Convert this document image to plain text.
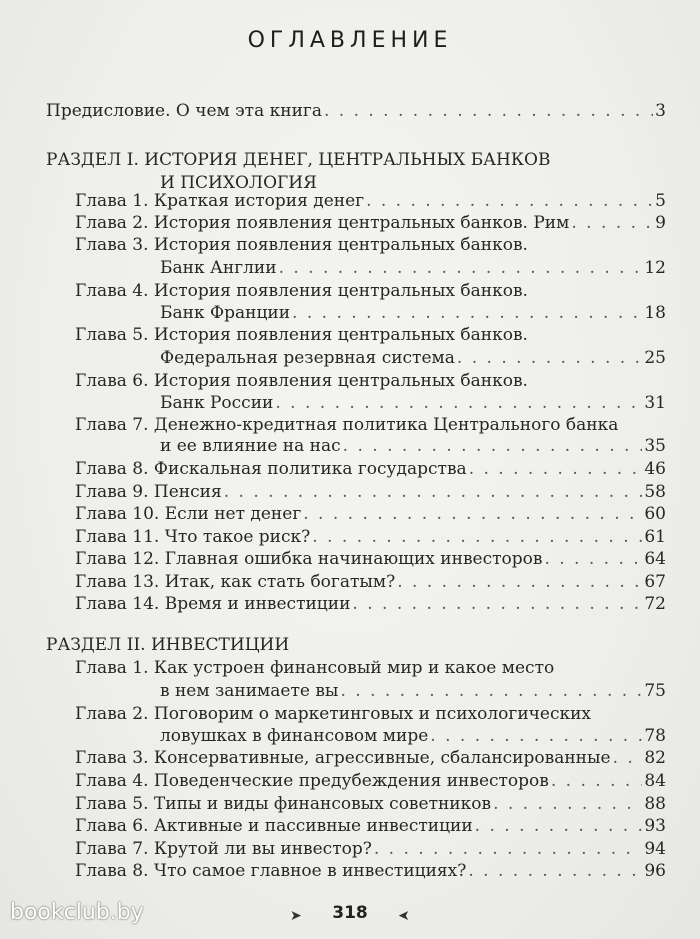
ОГЛАВЛЕНИЕ
Предисловие. О чем эта книга . . .	3
РАЗДЕЛ I. ИСТОРИЯ ДЕНЕГ, ЦЕНТРАЛЬНЫХ БАНКОВ
И ПСИХОЛОГИЯ
Глава 1. Краткая история денег . . .	5
Глава 2. История появления центральных банков. Рим . . .	9
Глава 3. История появления центральных банков.
Банк Англии . . .	12
Глава 4. История появления центральных банков.
Банк Франции . . .	18
Глава 5. История появления центральных банков.
Федеральная резервная система . . .	25
Глава 6. История появления центральных банков.
Банк России . . .	31
Глава 7. Денежно-кредитная политика Центрального банка
и ее влияние на нас . . .	35
Глава 8. Фискальная политика государства . . .	46
Глава 9. Пенсия . . .	58
Глава 10. Если нет денег . . .	60
Глава 11. Что такое риск? . . .	61
Глава 12. Главная ошибка начинающих инвесторов . . .	64
Глава 13. Итак, как стать богатым? . . .	67
Глава 14. Время и инвестиции . . .	72
РАЗДЕЛ II. ИНВЕСТИЦИИ
Глава 1. Как устроен финансовый мир и какое место
в нем занимаете вы . . .	75
Глава 2. Поговорим о маркетинговых и психологических
ловушках в финансовом мире . . .	78
Глава 3. Консервативные, агрессивные, сбалансированные . . . 82
Глава 4. Поведенческие предубеждения инвесторов . . .	84
Глава 5. Типы и виды финансовых советников . . .	88
Глава 6. Активные и пассивные инвестиции . . .	93
Глава 7. Крутой ли вы инвестор? . . .	94
Глава 8. Что самое главное в инвестициях? . . .	96
318
➤	➤
bookclub.by
